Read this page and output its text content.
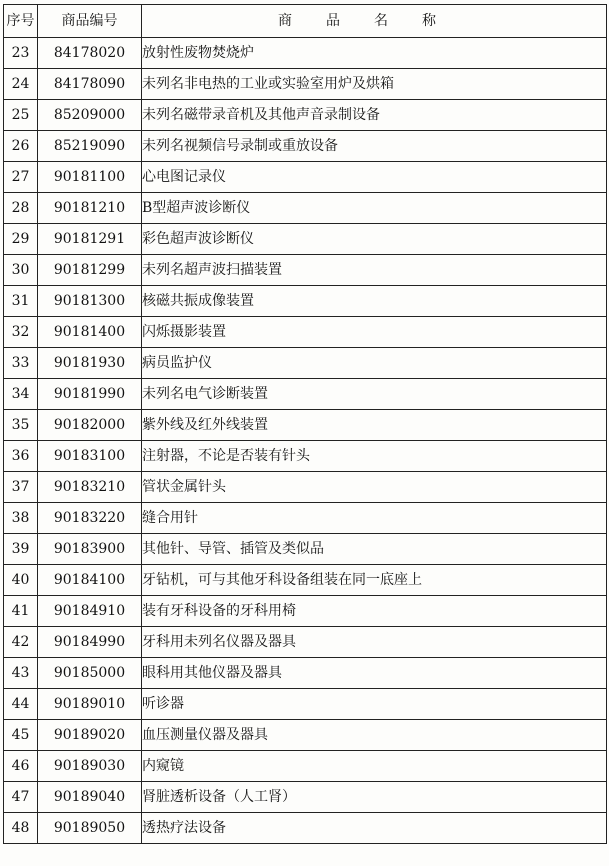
序号	商品编号	商品名称
23	84178020	放射性废物焚烧炉
24	84178090	未列名非电热的工业或实验室用炉及烘箱
25	85209000	未列名磁带录音机及其他声音录制设备
26	85219090	未列名视频信号录制或重放设备
27	90181100	心电图记录仪
28	90181210	B型超声波诊断仪
29	90181291	彩色超声波诊断仪
30	90181299	未列名超声波扫描装置
31	90181300	核磁共振成像装置
32	90181400	闪烁摄影装置
33	90181930	病员监护仪
34	90181990	未列名电气诊断装置
35	90182000	紫外线及红外线装置
36	90183100	注射器，不论是否装有针头
37	90183210	管状金属针头
38	90183220	缝合用针
39	90183900	其他针、导管、插管及类似品
40	90184100	牙钻机，可与其他牙科设备组装在同一底座上
41	90184910	装有牙科设备的牙科用椅
42	90184990	牙科用未列名仪器及器具
43	90185000	眼科用其他仪器及器具
44	90189010	听诊器
45	90189020	血压测量仪器及器具
46	90189030	内窥镜
47	90189040	肾脏透析设备（人工肾）
48	90189050	透热疗法设备
